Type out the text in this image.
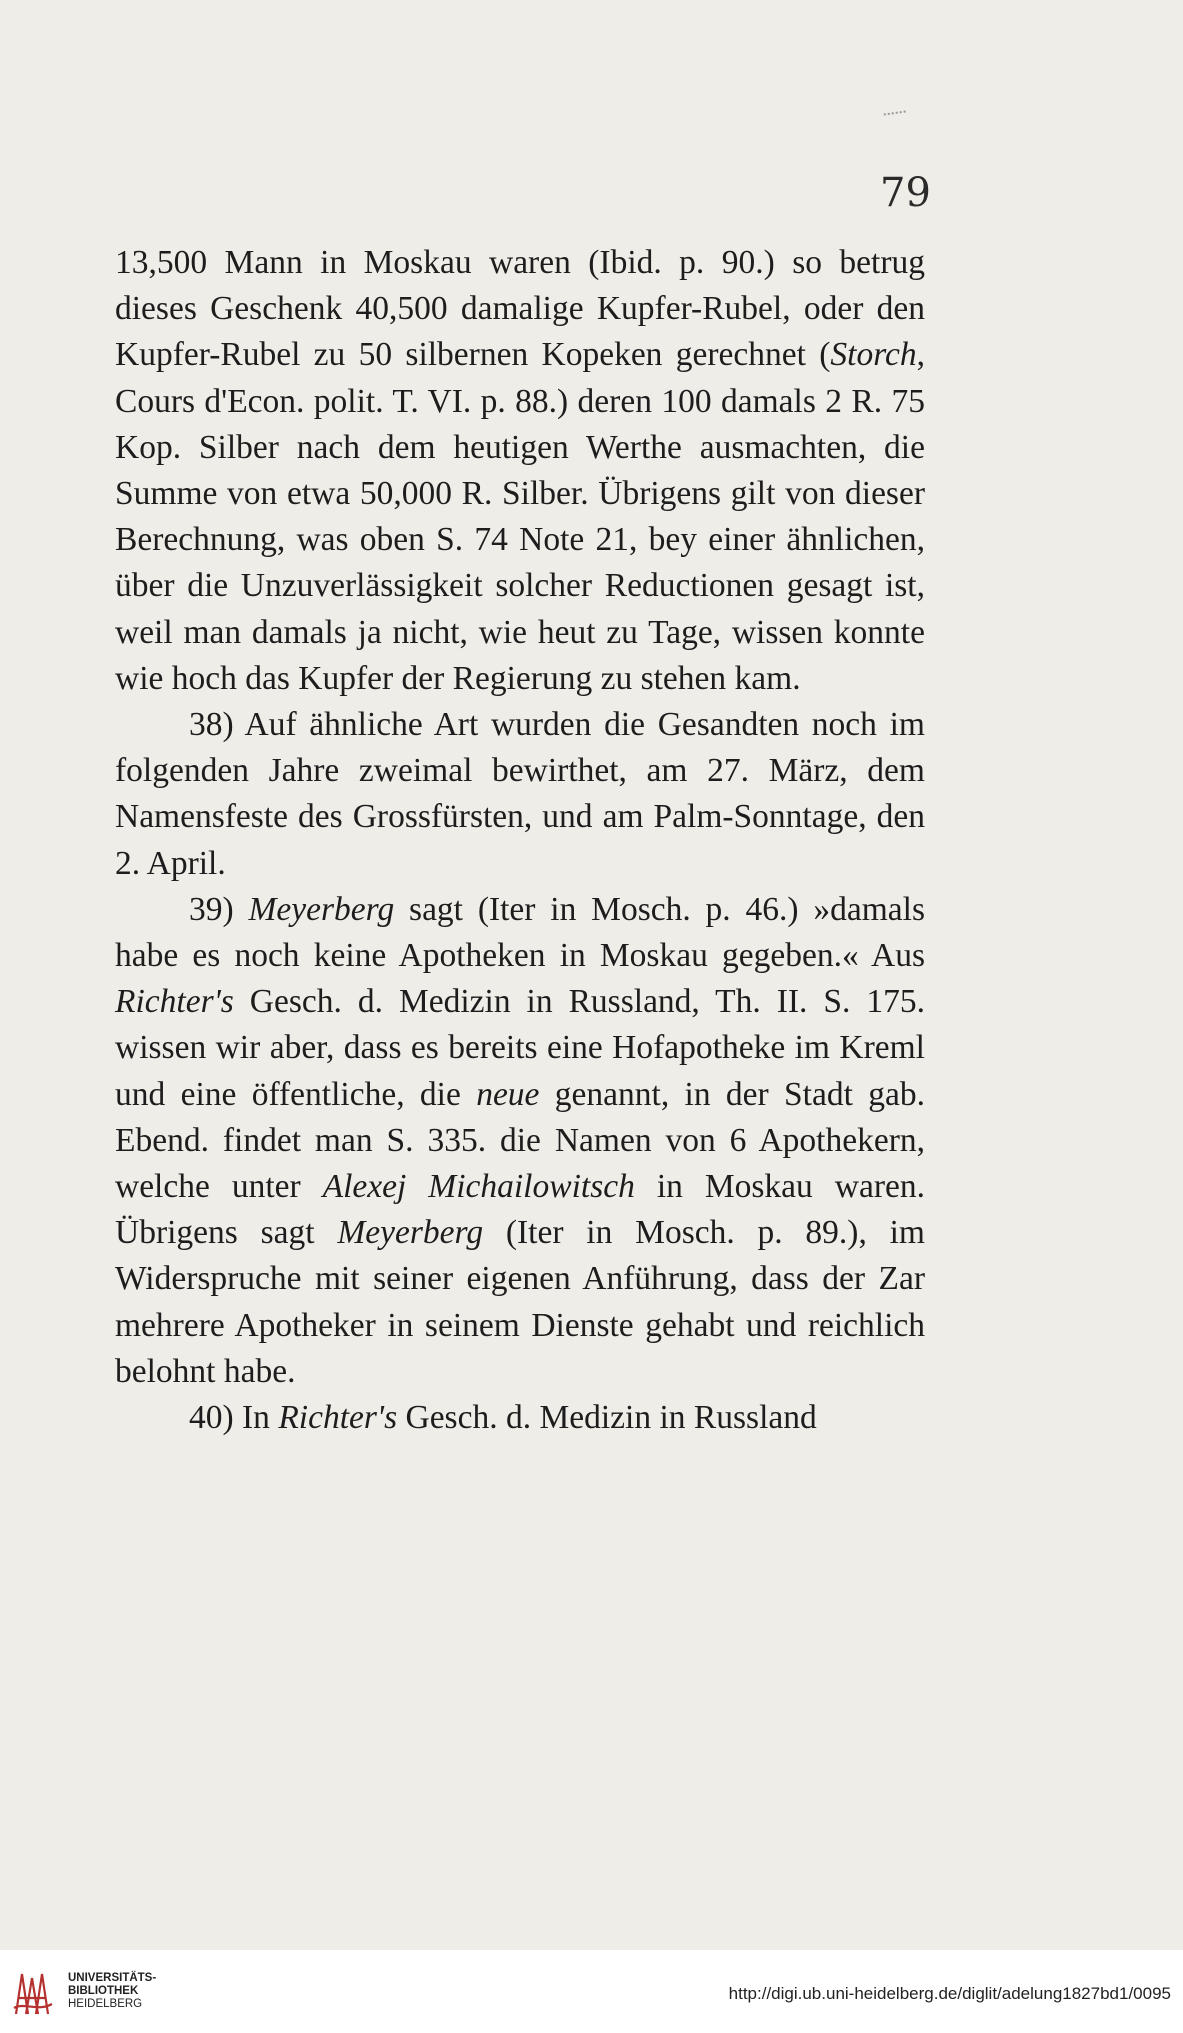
79

13,500 Mann in Moskau waren (Ibid. p. 90.) so betrug dieses Geschenk 40,500 damalige Kupfer-Rubel, oder den Kupfer-Rubel zu 50 silbernen Kopeken gerechnet (Storch, Cours d'Econ. polit. T. VI. p. 88.) deren 100 damals 2 R. 75 Kop. Silber nach dem heutigen Werthe ausmachten, die Summe von etwa 50,000 R. Silber. Übrigens gilt von dieser Berechnung, was oben S. 74 Note 21, bey einer ähnlichen, über die Unzuverlässigkeit solcher Reductionen gesagt ist, weil man damals ja nicht, wie heut zu Tage, wissen konnte wie hoch das Kupfer der Regierung zu stehen kam.

38) Auf ähnliche Art wurden die Gesandten noch im folgenden Jahre zweimal bewirthet, am 27. März, dem Namensfeste des Grossfürsten, und am Palm-Sonntage, den 2. April.

39) Meyerberg sagt (Iter in Mosch. p. 46.) »damals habe es noch keine Apotheken in Moskau gegeben.« Aus Richter's Gesch. d. Medizin in Russland, Th. II. S. 175. wissen wir aber, dass es bereits eine Hofapotheke im Kreml und eine öffentliche, die neue genannt, in der Stadt gab. Ebend. findet man S. 335. die Namen von 6 Apothekern, welche unter Alexej Michailowitsch in Moskau waren. Übrigens sagt Meyerberg (Iter in Mosch. p. 89.), im Widerspruche mit seiner eigenen Anführung, dass der Zar mehrere Apotheker in seinem Dienste gehabt und reichlich belohnt habe.

40) In Richter's Gesch. d. Medizin in Russland

UNIVERSITÄTS-
BIBLIOTHEK
HEIDELBERG
http://digi.ub.uni-heidelberg.de/diglit/adelung1827bd1/0095
